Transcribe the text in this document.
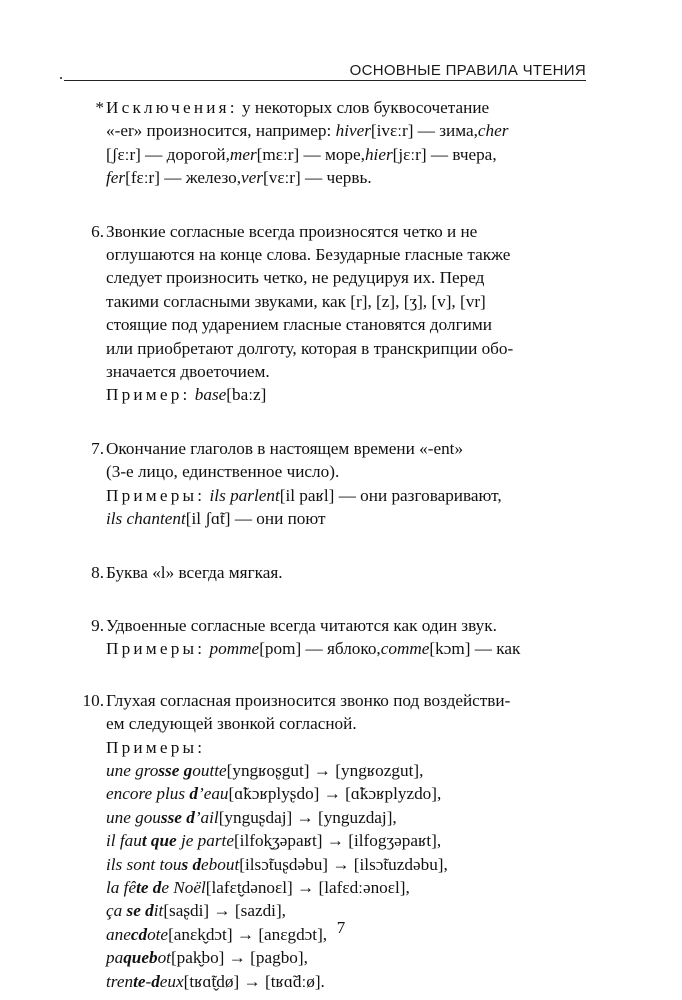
ОСНОВНЫЕ ПРАВИЛА ЧТЕНИЯ
* Исключения: у некоторых слов буквосочетание
«-er» произносится, например:
hiver [ivɛːr] — зима, cher
[ʃɛːr] — дорогой, mer [mɛːr] — море, hier [jɛːr] — вчера,
fer [fɛːr] — железо, ver [vɛːr] — червь.
6. Звонкие согласные всегда произносятся четко и не
оглушаются на конце слова. Безударные гласные также
следует произносить четко, не редуцируя их. Перед
такими согласными звуками, как [r], [z], [ʒ], [v], [vr]
стоящие под ударением гласные становятся долгими
или приобретают долготу, которая в транскрипции обо-
значается двоеточием.
Пример:
base [baːz]
7. Окончание глаголов в настоящем времени «-ent»
(3-е лицо, единственное число).
Примеры:
ils parlent [il paʁl] — они разговаривают,
ils chantent [il ʃɑ̃t] — они поют
8. Буква «l» всегда мягкая.
9. Удвоенные согласные всегда читаются как один звук.
Примеры:
pomme [pom] — яблоко, comme [kɔm] — как
10. Глухая согласная произносится звонко под воздействи-
ем следующей звонкой согласной.
Примеры:
une grosse goutte [yngʁoʂgut] → [yngʁozgut],
encore plus d’eau [ɑ̃kɔʁplyʂdo] → [ɑ̃kɔʁplyzdo],
une gousse d’ail [ynguʂdaj] → [ynguzdaj],
il faut que je parte [ilfok̬ʒəpaʁt] → [ilfogʒəpaʁt],
ils sont tous debout [ilsɔ̃tuʂdəbu] → [ilsɔ̃tuzdəbu],
la fête de Noël [lafɛt̬dənoɛl] → [lafɛdːənoɛl],
ça se dit [saʂdi] → [sazdi],
anecdote [anɛk̬dɔt] → [anɛgdɔt],
paquebot [pak̬bo] → [pagbo],
trente-deux [tʁɑ̃t̬dø] → [tʁɑ̃dːø].
7
